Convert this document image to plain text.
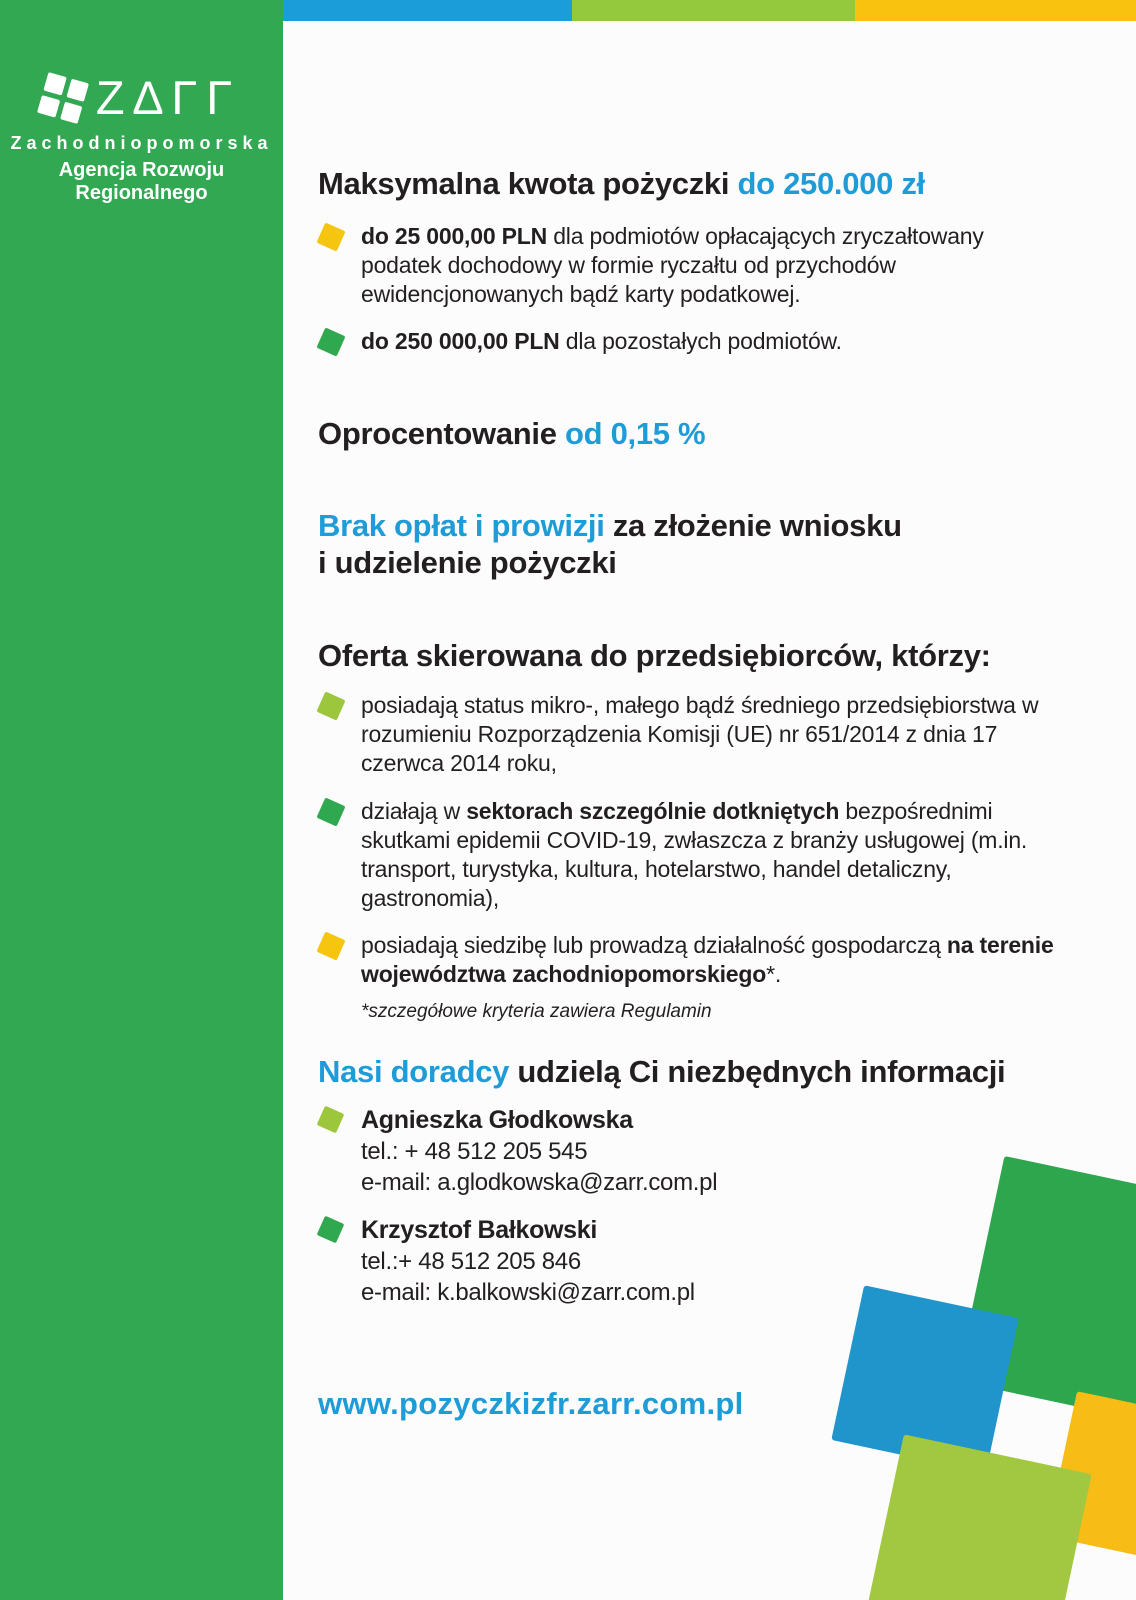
Z∆ΓΓ
Zachodniopomorska
Agencja Rozwoju Regionalnego	Maksymalna kwota pożyczki do 250.000 zł
do 25 000,00 PLN dla podmiotów opłacających zryczałtowany podatek dochodowy w formie ryczałtu od przychodów ewidencjonowanych bądź karty podatkowej.
do 250 000,00 PLN dla pozostałych podmiotów.
Oprocentowanie od 0,15 %
Brak opłat i prowizji za złożenie wniosku
i udzielenie pożyczki
Oferta skierowana do przedsiębiorców, którzy:
posiadają status mikro-, małego bądź średniego przedsiębiorstwa w rozumieniu Rozporządzenia Komisji (UE) nr 651/2014 z dnia 17 czerwca 2014 roku,
działają w sektorach szczególnie dotkniętych bezpośrednimi skutkami epidemii COVID-19, zwłaszcza z branży usługowej (m.in. transport, turystyka, kultura, hotelarstwo, handel detaliczny, gastronomia),
posiadają siedzibę lub prowadzą działalność gospodarczą na terenie województwa zachodniopomorskiego*.
*szczegółowe kryteria zawiera Regulamin
Nasi doradcy udzielą Ci niezbędnych informacji
Agnieszka Głodkowska
tel.: + 48 512 205 545
e-mail: a.glodkowska@zarr.com.pl
Krzysztof Bałkowski
tel.:+ 48 512 205 846
e-mail: k.balkowski@zarr.com.pl
www.pozyczkizfr.zarr.com.pl
